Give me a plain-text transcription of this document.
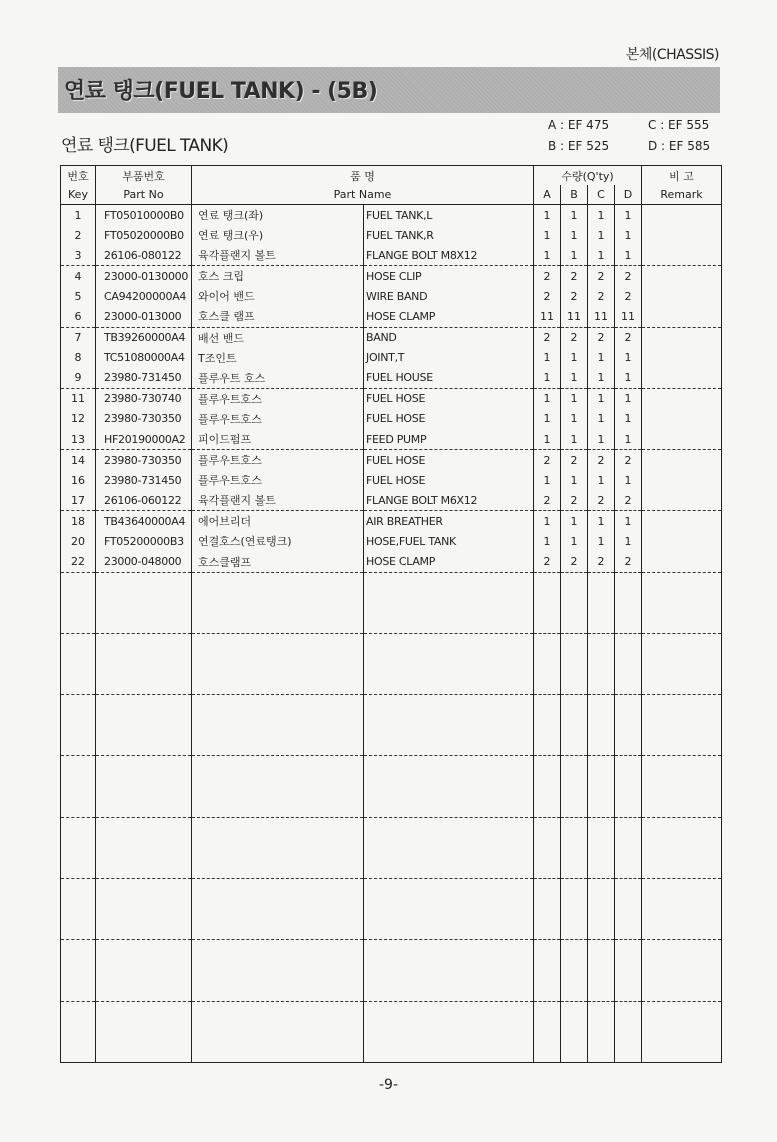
본체(CHASSIS)
연료 탱크(FUEL TANK) - (5B)
연료 탱크(FUEL TANK)
A : EF 475
B : EF 525
C : EF 555
D : EF 585
번호	부품번호	품 명		수량(Q'ty)				비 고
Key	Part No	Part Name		A	B	C	D	Remark
1	FT05010000B0	연료 탱크(좌)	FUEL TANK,L	1	1	1	1	
2	FT05020000B0	연료 탱크(우)	FUEL TANK,R	1	1	1	1	
3	26106-080122	육각플랜지 볼트	FLANGE BOLT M8X12	1	1	1	1	
4	23000-0130000	호스 크립	HOSE CLIP	2	2	2	2	
5	CA94200000A4	와이어 밴드	WIRE BAND	2	2	2	2	
6	23000-013000	호스클 램프	HOSE CLAMP	11	11	11	11	
7	TB39260000A4	배선 밴드	BAND	2	2	2	2	
8	TC51080000A4	T조인트	JOINT,T	1	1	1	1	
9	23980-731450	플루우트 호스	FUEL HOUSE	1	1	1	1	
11	23980-730740	플루우트호스	FUEL HOSE	1	1	1	1	
12	23980-730350	플루우트호스	FUEL HOSE	1	1	1	1	
13	HF20190000A2	피이드펌프	FEED PUMP	1	1	1	1	
14	23980-730350	플루우트호스	FUEL HOSE	2	2	2	2	
16	23980-731450	플루우트호스	FUEL HOSE	1	1	1	1	
17	26106-060122	육각플랜지 볼트	FLANGE BOLT M6X12	2	2	2	2	
18	TB43640000A4	에어브리더	AIR BREATHER	1	1	1	1	
20	FT05200000B3	연결호스(연료탱크)	HOSE,FUEL TANK	1	1	1	1	
22	23000-048000	호스클램프	HOSE CLAMP	2	2	2	2	

-9-
